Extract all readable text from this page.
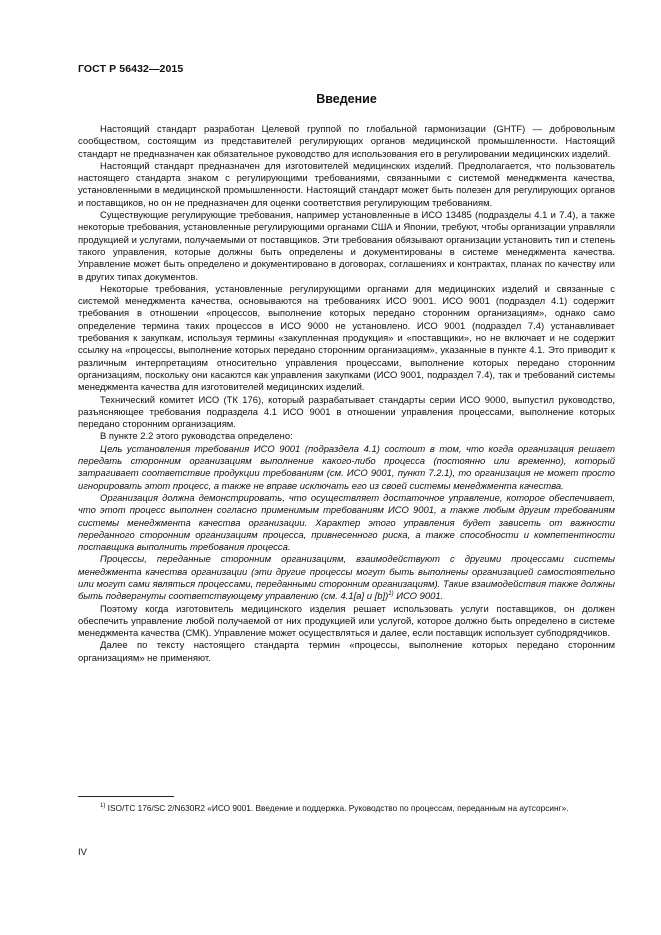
ГОСТ Р 56432—2015
Введение

Настоящий стандарт разработан Целевой группой по глобальной гармонизации (GHTF) — добровольным сообществом, состоящим из представителей регулирующих органов медицинской промышленности. Настоящий стандарт не предназначен как обязательное руководство для использования его в регулировании медицинских изделий.

Настоящий стандарт предназначен для изготовителей медицинских изделий. Предполагается, что пользователь настоящего стандарта знаком с регулирующими требованиями, связанными с системой менеджмента качества, установленными в медицинской промышленности. Настоящий стандарт может быть полезен для регулирующих органов и поставщиков, но он не предназначен для оценки соответствия регулирующим требованиям.

Существующие регулирующие требования, например установленные в ИСО 13485 (подразделы 4.1 и 7.4), а также некоторые требования, установленные регулирующими органами США и Японии, требуют, чтобы организации управляли продукцией и услугами, получаемыми от поставщиков. Эти требования обязывают организации установить тип и степень такого управления, которые должны быть определены и документированы в системе менеджмента качества. Управление может быть определено и документировано в договорах, соглашениях и контрактах, планах по качеству или в других типах документов.

Некоторые требования, установленные регулирующими органами для медицинских изделий и связанные с системой менеджмента качества, основываются на требованиях ИСО 9001. ИСО 9001 (подраздел 4.1) содержит требования в отношении «процессов, выполнение которых передано сторонним организациям», однако само определение термина таких процессов в ИСО 9000 не установлено. ИСО 9001 (подраздел 7.4) устанавливает требования к закупкам, используя термины «закупленная продукция» и «поставщики», но не включает и не содержит ссылку на «процессы, выполнение которых передано сторонним организациям», указанные в пункте 4.1. Это приводит к различным интерпретациям относительно управления процессами, выполнение которых передано сторонним организациям, поскольку они касаются как управления закупками (ИСО 9001, подраздел 7.4), так и требований системы менеджмента качества для изготовителей медицинских изделий.

Технический комитет ИСО (ТК 176), который разрабатывает стандарты серии ИСО 9000, выпустил руководство, разъясняющее требования подраздела 4.1 ИСО 9001 в отношении управления процессами, выполнение которых передано сторонним организациям.

В пункте 2.2 этого руководства определено:

Цель установления требования ИСО 9001 (подраздела 4.1) состоит в том, что когда организация решает передать сторонним организациям выполнение какого-либо процесса (постоянно или временно), который затрагивает соответствие продукции требованиям (см. ИСО 9001, пункт 7.2.1), то организация не может просто игнорировать этот процесс, а также не вправе исключать его из своей системы менеджмента качества.

Организация должна демонстрировать, что осуществляет достаточное управление, которое обеспечивает, что этот процесс выполнен согласно применимым требованиям ИСО 9001, а также любым другим требованиям системы менеджмента качества организации. Характер этого управления будет зависеть от важности переданного сторонним организациям процесса, привнесенного риска, а также способности и компетентности поставщика выполнить требования процесса.

Процессы, переданные сторонним организациям, взаимодействуют с другими процессами системы менеджмента качества организации (эти другие процессы могут быть выполнены организацией самостоятельно или могут сами являться процессами, переданными сторонним организациям). Такие взаимодействия также должны быть подвергнуты соответствующему управлению (см. 4.1[a] и [b])$^{1)}$ ИСО 9001.

Поэтому когда изготовитель медицинского изделия решает использовать услуги поставщиков, он должен обеспечить управление любой получаемой от них продукцией или услугой, которое должно быть определено в системе менеджмента качества (СМК). Управление может осуществляться и далее, если поставщик использует субподрядчиков.

Далее по тексту настоящего стандарта термин «процессы, выполнение которых передано сторонним организациям» не применяют.

$^{1)}$ ISO/TC 176/SC 2/N630R2 «ИСО 9001. Введение и поддержка. Руководство по процессам, переданным на аутсорсинг».
IV
